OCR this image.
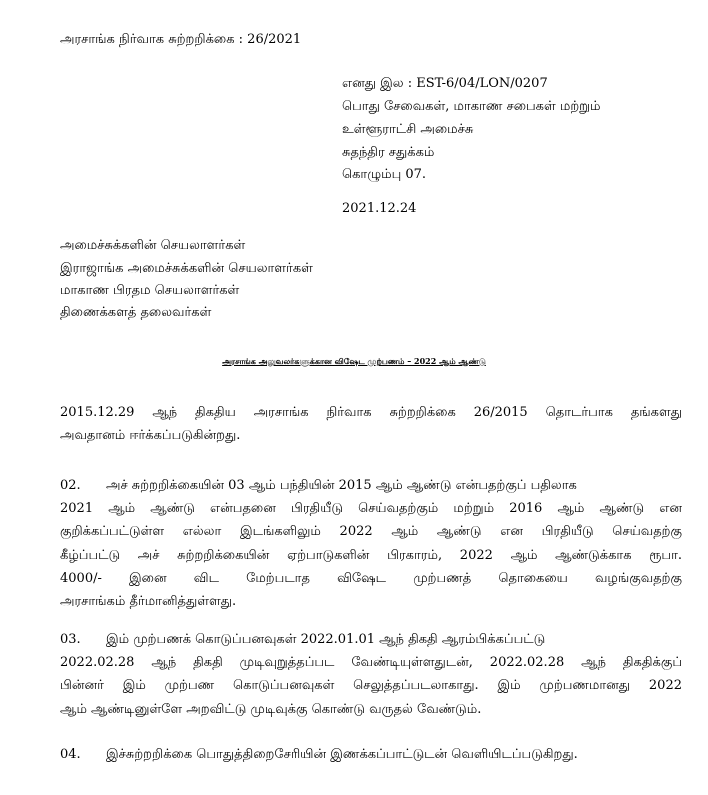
அரசாங்க நிர்வாக சுற்றறிக்கை : 26/2021
எனது இல : EST-6/04/LON/0207
பொது சேவைகள், மாகாண சபைகள் மற்றும்
உள்ளூராட்சி அமைச்சு
சுதந்திர சதுக்கம்
கொழும்பு 07.
2021.12.24
அமைச்சுக்களின் செயலாளர்கள்
இராஜாங்க அமைச்சுக்களின் செயலாளர்கள்
மாகாண பிரதம செயலாளர்கள்
திணைக்களத் தலைவர்கள்
அரசாங்க அலுவலர்களுக்கான விஷேட முற்பணம் – 2022 ஆம் ஆண்டு
2015.12.29 ஆந் திகதிய அரசாங்க நிர்வாக சுற்றறிக்கை 26/2015 தொடர்பாக தங்களது
அவதானம் ஈர்க்கப்படுகின்றது.
02. அச் சுற்றறிக்கையின் 03 ஆம் பந்தியின் 2015 ஆம் ஆண்டு என்பதற்குப் பதிலாக
2021 ஆம் ஆண்டு என்பதனை பிரதியீடு செய்வதற்கும் மற்றும் 2016 ஆம் ஆண்டு என
குறிக்கப்பட்டுள்ள எல்லா இடங்களிலும் 2022 ஆம் ஆண்டு என பிரதியீடு செய்வதற்கு
கீழ்ப்பட்டு அச் சுற்றறிக்கையின் ஏற்பாடுகளின் பிரகாரம், 2022 ஆம் ஆண்டுக்காக ரூபா.
4000/- இனை விட மேற்படாத விஷேட முற்பணத் தொகையை வழங்குவதற்கு
அரசாங்கம் தீர்மானித்துள்ளது.
03. இம் முற்பணக் கொடுப்பனவுகள் 2022.01.01 ஆந் திகதி ஆரம்பிக்கப்பட்டு
2022.02.28 ஆந் திகதி முடிவுறுத்தப்பட வேண்டியுள்ளதுடன், 2022.02.28 ஆந் திகதிக்குப்
பின்னர் இம் முற்பண கொடுப்பனவுகள் செலுத்தப்படலாகாது. இம் முற்பணமானது 2022
ஆம் ஆண்டினுள்ளே அறவிட்டு முடிவுக்கு கொண்டு வருதல் வேண்டும்.
04. இச்சுற்றறிக்கை பொதுத்திறைசேரியின் இணக்கப்பாட்டுடன் வெளியிடப்படுகிறது.
